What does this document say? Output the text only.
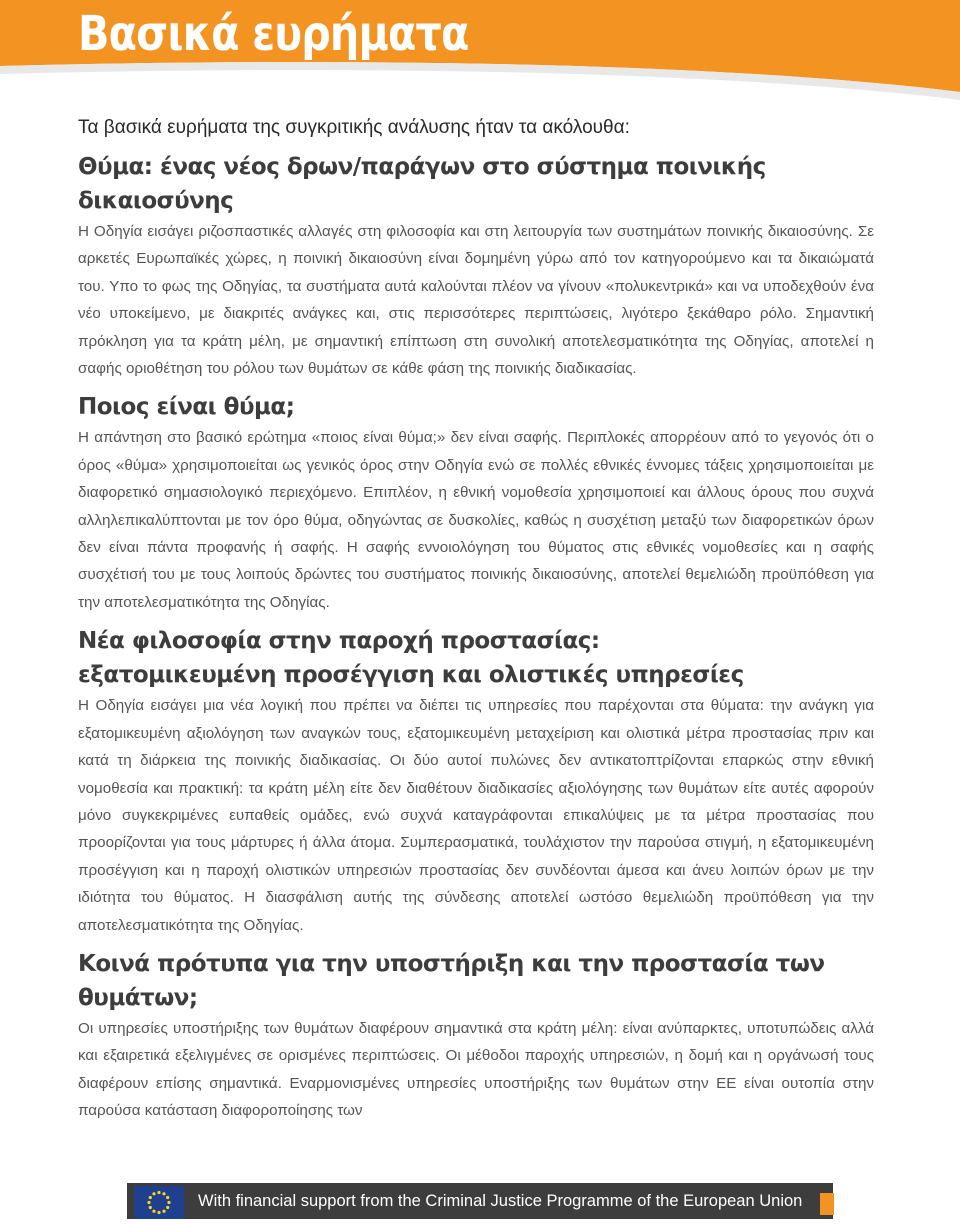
Βασικά ευρήματα

Τα βασικά ευρήματα της συγκριτικής ανάλυσης ήταν τα ακόλουθα:

Θύμα: ένας νέος δρων/παράγων στο σύστημα ποινικής δικαιοσύνης

Η Οδηγία εισάγει ριζοσπαστικές αλλαγές στη φιλοσοφία και στη λειτουργία των συστημάτων ποινικής δικαιοσύνης. Σε αρκετές Ευρωπαϊκές χώρες, η ποινική δικαιοσύνη είναι δομημένη γύρω από τον κατηγορούμενο και τα δικαιώματά του. Υπο το φως της Οδηγίας, τα συστήματα αυτά καλούνται πλέον να γίνουν «πολυκεντρικά» και να υποδεχθούν ένα νέο υποκείμενο, με διακριτές ανάγκες και, στις περισσότερες περιπτώσεις, λιγότερο ξεκάθαρο ρόλο. Σημαντική πρόκληση για τα κράτη μέλη, με σημαντική επίπτωση στη συνολική αποτελεσματικότητα της Οδηγίας, αποτελεί η σαφής οριοθέτηση του ρόλου των θυμάτων σε κάθε φάση της ποινικής διαδικασίας.

Ποιος είναι θύμα;

Η απάντηση στο βασικό ερώτημα «ποιος είναι θύμα;» δεν είναι σαφής. Περιπλοκές απορρέουν από το γεγονός ότι ο όρος «θύμα» χρησιμοποιείται ως γενικός όρος στην Οδηγία ενώ σε πολλές εθνικές έννομες τάξεις χρησιμοποιείται με διαφορετικό σημασιολογικό περιεχόμενο. Επιπλέον, η εθνική νομοθεσία χρησιμοποιεί και άλλους όρους που συχνά αλληλεπικαλύπτονται με τον όρο θύμα, οδηγώντας σε δυσκολίες, καθώς η συσχέτιση μεταξύ των διαφορετικών όρων δεν είναι πάντα προφανής ή σαφής. Η σαφής εννοιολόγηση του θύματος στις εθνικές νομοθεσίες και η σαφής συσχέτισή του με τους λοιπούς δρώντες του συστήματος ποινικής δικαιοσύνης, αποτελεί θεμελιώδη προϋπόθεση για την αποτελεσματικότητα της Οδηγίας.

Νέα φιλοσοφία στην παροχή προστασίας: εξατομικευμένη προσέγγιση και ολιστικές υπηρεσίες

Η Οδηγία εισάγει μια νέα λογική που πρέπει να διέπει τις υπηρεσίες που παρέχονται στα θύματα: την ανάγκη για εξατομικευμένη αξιολόγηση των αναγκών τους, εξατομικευμένη μεταχείριση και ολιστικά μέτρα προστασίας πριν και κατά τη διάρκεια της ποινικής διαδικασίας. Οι δύο αυτοί πυλώνες δεν αντικατοπτρίζονται επαρκώς στην εθνική νομοθεσία και πρακτική: τα κράτη μέλη είτε δεν διαθέτουν διαδικασίες αξιολόγησης των θυμάτων είτε αυτές αφορούν μόνο συγκεκριμένες ευπαθείς ομάδες, ενώ συχνά καταγράφονται επικαλύψεις με τα μέτρα προστασίας που προορίζονται για τους μάρτυρες ή άλλα άτομα. Συμπερασματικά, τουλάχιστον την παρούσα στιγμή, η εξατομικευμένη προσέγγιση και η παροχή ολιστικών υπηρεσιών προστασίας δεν συνδέονται άμεσα και άνευ λοιπών όρων με την ιδιότητα του θύματος. Η διασφάλιση αυτής της σύνδεσης αποτελεί ωστόσο θεμελιώδη προϋπόθεση για την αποτελεσματικότητα της Οδηγίας.

Κοινά πρότυπα για την υποστήριξη και την προστασία των θυμάτων;

Οι υπηρεσίες υποστήριξης των θυμάτων διαφέρουν σημαντικά στα κράτη μέλη: είναι ανύπαρκτες, υποτυπώδεις αλλά και εξαιρετικά εξελιγμένες σε ορισμένες περιπτώσεις. Οι μέθοδοι παροχής υπηρεσιών, η δομή και η οργάνωσή τους διαφέρουν επίσης σημαντικά. Εναρμονισμένες υπηρεσίες υποστήριξης των θυμάτων στην ΕΕ είναι ουτοπία στην παρούσα κατάσταση διαφοροποίησης των

With financial support from the Criminal Justice Programme of the European Union
